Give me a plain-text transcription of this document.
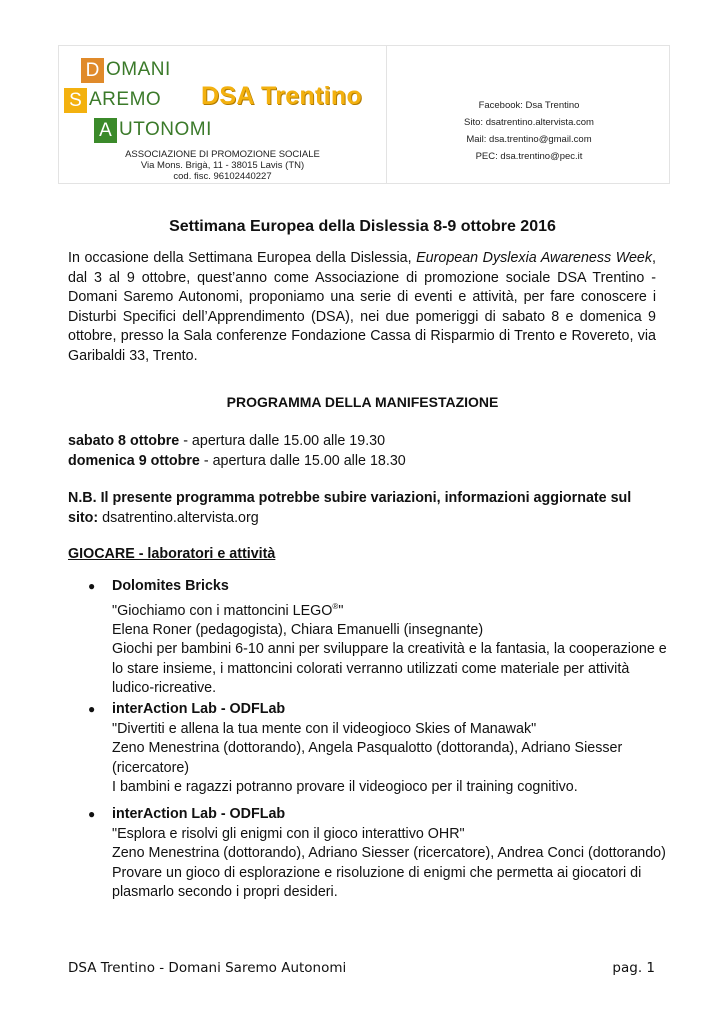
D OMANI
S AREMO
A UTONOMI
DSA Trentino
ASSOCIAZIONE DI PROMOZIONE SOCIALE
Via Mons. Brigà, 11 - 38015 Lavis (TN)
cod. fisc. 96102440227
Facebook: Dsa Trentino
Sito: dsatrentino.altervista.com
Mail: dsa.trentino@gmail.com
PEC: dsa.trentino@pec.it
Settimana Europea della Dislessia 8-9 ottobre 2016
In occasione della Settimana Europea della Dislessia, European Dyslexia Awareness Week, dal 3 al 9 ottobre, quest’anno come Associazione di promozione sociale DSA Trentino - Domani Saremo Autonomi, proponiamo una serie di eventi e attività, per fare conoscere i Disturbi Specifici dell’Apprendimento (DSA), nei due pomeriggi di sabato 8 e domenica 9 ottobre, presso la Sala conferenze Fondazione Cassa di Risparmio di Trento e Rovereto, via Garibaldi 33, Trento.
PROGRAMMA DELLA MANIFESTAZIONE
sabato 8 ottobre - apertura dalle 15.00 alle 19.30
domenica 9 ottobre - apertura dalle 15.00 alle 18.30
N.B. Il presente programma potrebbe subire variazioni, informazioni aggiornate sul sito: dsatrentino.altervista.org
GIOCARE - laboratori e attività
● Dolomites Bricks
"Giochiamo con i mattoncini LEGO®"
Elena Roner (pedagogista), Chiara Emanuelli (insegnante)
Giochi per bambini 6-10 anni per sviluppare la creatività e la fantasia, la cooperazione e lo stare insieme, i mattoncini colorati verranno utilizzati come materiale per attività ludico-ricreative.
● interAction Lab - ODFLab
"Divertiti e allena la tua mente con il videogioco Skies of Manawak"
Zeno Menestrina (dottorando), Angela Pasqualotto (dottoranda), Adriano Siesser (ricercatore)
I bambini e ragazzi potranno provare il videogioco per il training cognitivo.
● interAction Lab - ODFLab
"Esplora e risolvi gli enigmi con il gioco interattivo OHR"
Zeno Menestrina (dottorando), Adriano Siesser (ricercatore), Andrea Conci (dottorando)
Provare un gioco di esplorazione e risoluzione di enigmi che permetta ai giocatori di plasmarlo secondo i propri desideri.
DSA Trentino - Domani Saremo Autonomi	pag. 1
